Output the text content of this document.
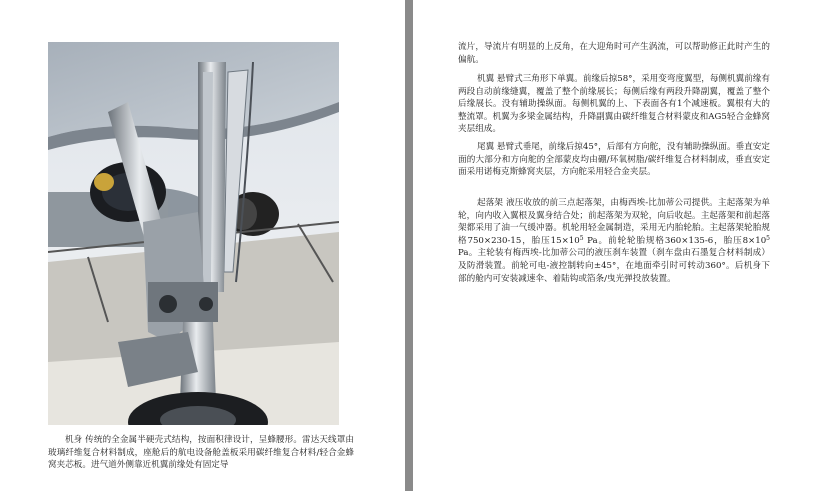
机身 传统的全金属半硬壳式结构，按面积律设计，呈蜂腰形。雷达天线罩由玻璃纤维复合材料制成，座舱后的航电设备舱盖板采用碳纤维复合材料/轻合金蜂窝夹芯板。进气道外侧靠近机翼前缘处有固定导

流片，导流片有明显的上反角，在大迎角时可产生涡流，可以帮助修正此时产生的偏航。

机翼 悬臂式三角形下单翼。前缘后掠58°，采用变弯度翼型，每侧机翼前缘有两段自动前缘缝翼，覆盖了整个前缘展长；每侧后缘有两段升降副翼，覆盖了整个后缘展长。没有辅助操纵面。每侧机翼的上、下表面各有1个减速板。翼根有大的整流罩。机翼为多梁金属结构，升降副翼由碳纤维复合材料蒙皮和AG5轻合金蜂窝夹层组成。

尾翼 悬臂式垂尾，前缘后掠45°，后部有方向舵，没有辅助操纵面。垂直安定面的大部分和方向舵的全部蒙皮均由硼/环氧树脂/碳纤维复合材料制成，垂直安定面采用诺梅克斯蜂窝夹层，方向舵采用轻合金夹层。

起落架 液压收放的前三点起落架，由梅西埃-比加蒂公司提供。主起落架为单轮，向内收入翼根及翼身结合处；前起落架为双轮，向后收起。主起落架和前起落架都采用了油一气缓冲器。机轮用轻金属制造，采用无内胎轮胎。主起落架轮胎规格750×230-15，胎压$15\times 10^5$ Pa。前轮轮胎规格360×135-6，胎压$8\times 10^5$ Pa。主轮装有梅西埃-比加蒂公司的液压刹车装置（刹车盘由石墨复合材料制成）及防滑装置。前轮可电-液控制转向±45°，在地面牵引时可转动360°。后机身下部的舱内可安装减速伞、着陆钩或箔条/曳光弹投放装置。
